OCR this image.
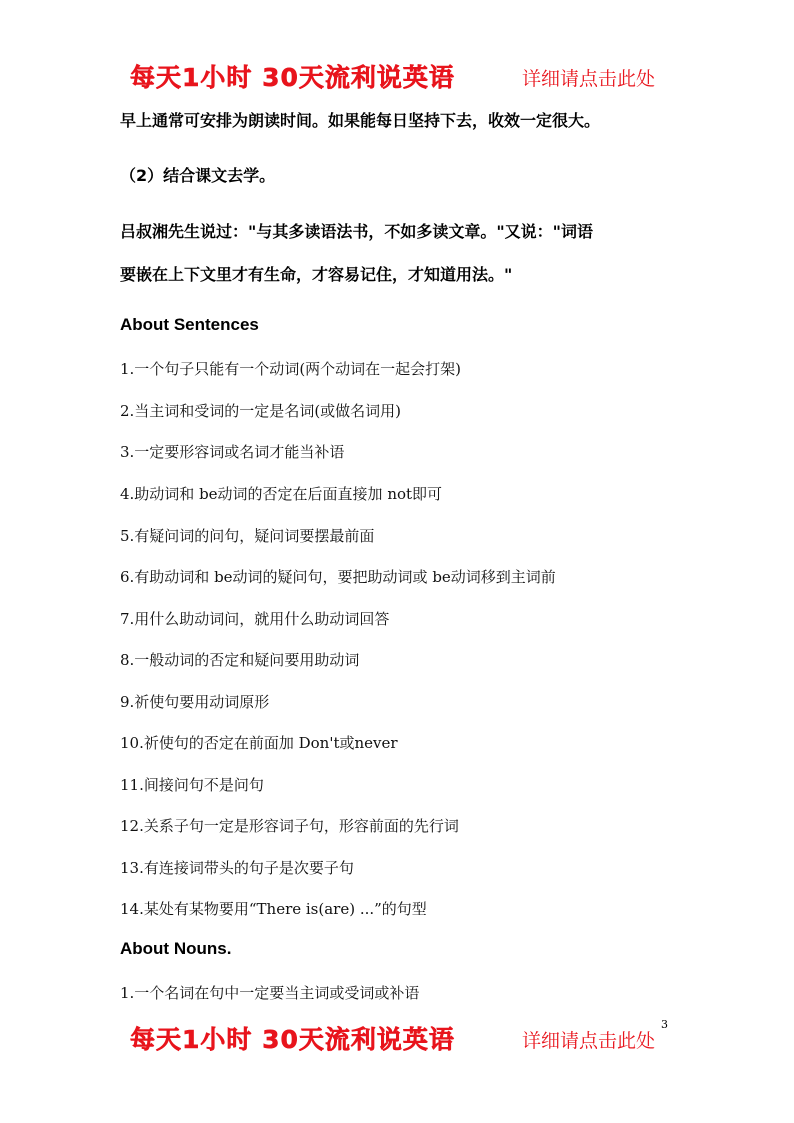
每天1小时 30天流利说英语	详细请点击此处
早上通常可安排为朗读时间。如果能每日坚持下去，收效一定很大。
（2）结合课文去学。
吕叔湘先生说过："与其多读语法书，不如多读文章。"又说："词语
要嵌在上下文里才有生命，才容易记住，才知道用法。"
About Sentences
1.一个句子只能有一个动词(两个动词在一起会打架)
2.当主词和受词的一定是名词(或做名词用)
3.一定要形容词或名词才能当补语
4.助动词和 be动词的否定在后面直接加 not即可
5.有疑问词的问句，疑问词要摆最前面
6.有助动词和 be动词的疑问句，要把助动词或 be动词移到主词前
7.用什么助动词问，就用什么助动词回答
8.一般动词的否定和疑问要用助动词
9.祈使句要用动词原形
10.祈使句的否定在前面加 Don't或never
11.间接问句不是问句
12.关系子句一定是形容词子句，形容前面的先行词
13.有连接词带头的句子是次要子句
14.某处有某物要用“There is(are) ...”的句型
About Nouns.
1.一个名词在句中一定要当主词或受词或补语
每天1小时 30天流利说英语	详细请点击此处
3
